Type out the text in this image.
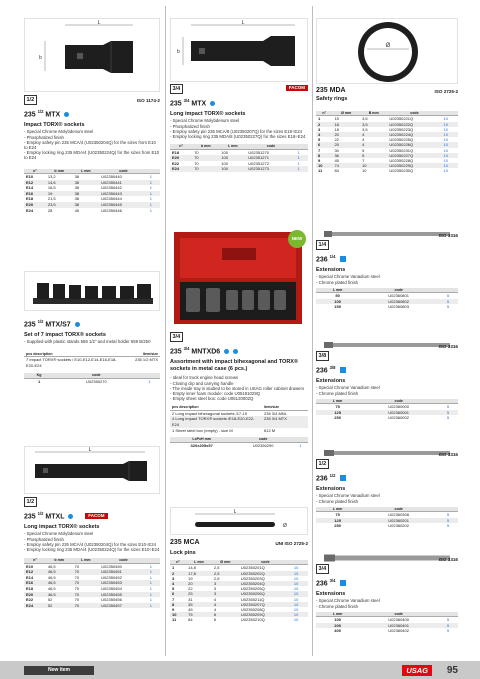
L
b
1/2
235 $^{1/2}$ MTX
ISO 1174-2
Impact TORX® sockets
- Special Chrome Molybdenum steel
- Phosphatized finish
- Employ safety pin 235 MCA/4 (U02350204Q) for the sizes from E10 to E24
- Employ locking ring 235 MDA/4 (U02350224Q) for the sizes from E10 to E24
n°	b mm	L mm	code	
E10	13,2	38	U02350440	1
E12	14,6	38	U02350441	1
E14	16,5	38	U02350442	1
E16	19	38	U02350443	1
E18	21,5	38	U02350444	1
E20	23,5	38	U02350445	1
E24	28	45	U02350446	1
235 $^{1/2}$ MTX/S7
Set of 7 impact TORX® sockets
- Supplied with plastic stands 559 1/2" and metal holder 559 B/250
pcs description	item/size
7 Impact TORX® sockets / E10-E12-E14-E16-E18-E20-E24	235 1/2 MTX
Kg	code	
1	U02350270	1
L
1/2
235 $^{1/2}$ MTXL	FACOM
Long impact TORX® sockets
- Special Chrome Molybdenum steel
- Phosphatized finish
- Employ safety pin 235 MCA/4 (U02350204Q) for the sizes E10÷E24
- Employ locking ring 235 MDA/4 (U02350224Q) for the sizes E10÷E24
n°	b mm	L mm	code	
E10	46,5	70	U02350450	1
E12	46,5	70	U02350451	1
E14	46,5	70	U02350452	1
E16	46,5	70	U02350453	1
E18	46,5	70	U02350454	1
E20	46,5	70	U02350455	1
E22	52	70	U02350456	1
E24	52	70	U02350457	1
L
b
3/4
235 $^{3/4}$ MTX
FACOM
Long impact TORX® sockets
- Special Chrome Molybdenum steel
- Phosphatized finish
- Employ safety pin 235 MCA/8 (U02350207Q) for the sizes E18÷E24
- Employ locking ring 235 MDA/8 (U02350227Q) for the sizes E18÷E24
n°	b mm	L mm	code	
E18	70	100	U02351270	1
E20	70	100	U02351271	1
E22	70	100	U02351272	1
E24	70	100	U02351273	1
NEW
3/4
235 $^{3/4}$ MNTXD6
Assortment with impact bihexagonal and TORX® sockets in metal case (6 pcs.)
- Ideal for truck engine head screws
- Closing clip and carrying handle
- The inside tray is studied to be stored in USAG roller cabinet drawers
- Empty inner foam module: code U05191029Q
- Empty sheet steel box: code U06120002Q
pcs description	item/size
2 Long impact bihexagonal sockets /17-19	235 3/4 MNL
4 Long impact TORX® sockets /E18-E20-E22-E24	235 3/4 MTX
1 Sheet steel box (empty) - size M	612 M
LxPxH mm	code	
320x205x57	U02350290	1
L
Ø
235 MCA	UNI ISO 2725-2
Lock pins
n°	L mm	Ø mm	code	
1	14,8	2,5	U02350201Q	10
2	17,8	2,5	U02350202Q	10
3	19	2,5	U02350203Q	10
4	20	3	U02350204Q	10
5	22	3	U02350205Q	10
6	25	3	U02350206Q	10
7	31	4	U02350211Q	10
8	35	4	U02350207Q	10
9	45	4	U02350208Q	10
10	75	6	U02350209Q	10
11	84	6	U02350210Q	10
Ø
235 MDA	ISO 2725-2
Safety rings
n°	Ø mm	B mm	code	
1	15	3,5	U02350221Q	10
2	18	3,5	U02350222Q	10
3	18	3,5	U02350223Q	10
4	20	4	U02350224Q	10
5	22	4	U02350225Q	10
6	25	4	U02350226Q	10
7	30	5	U02350231Q	10
8	36	5	U02350227Q	10
9	45	7	U02350228Q	10
10	74	10	U02350229Q	10
11	84	10	U02350230Q	10
1/4
236 $^{1/4}$
ISO 3316
Extensions
- Special Chrome Vanadium steel
- Chrome plated finish
L mm	code	
50	U02360801	5
100	U02360802	5
150	U02360803	5
3/8
236 $^{3/8}$
ISO 3316
Extensions
- Special Chrome Vanadium steel
- Chrome plated finish
L mm	code	
75	U02360000	5
125	U02360001	5
250	U02360002	5
1/2
236 $^{1/2}$
ISO 3316
Extensions
- Special Chrome Vanadium steel
- Chrome plated finish
L mm	code	
75	U02360308	5
125	U02360201	5
250	U02360202	5
3/4
236 $^{3/4}$
ISO 3316
Extensions
- Special Chrome Vanadium steel
- Chrome plated finish
L mm	code	
100	U02360400	5
200	U02360401	5
400	U02360402	5
New item	USAG	95
